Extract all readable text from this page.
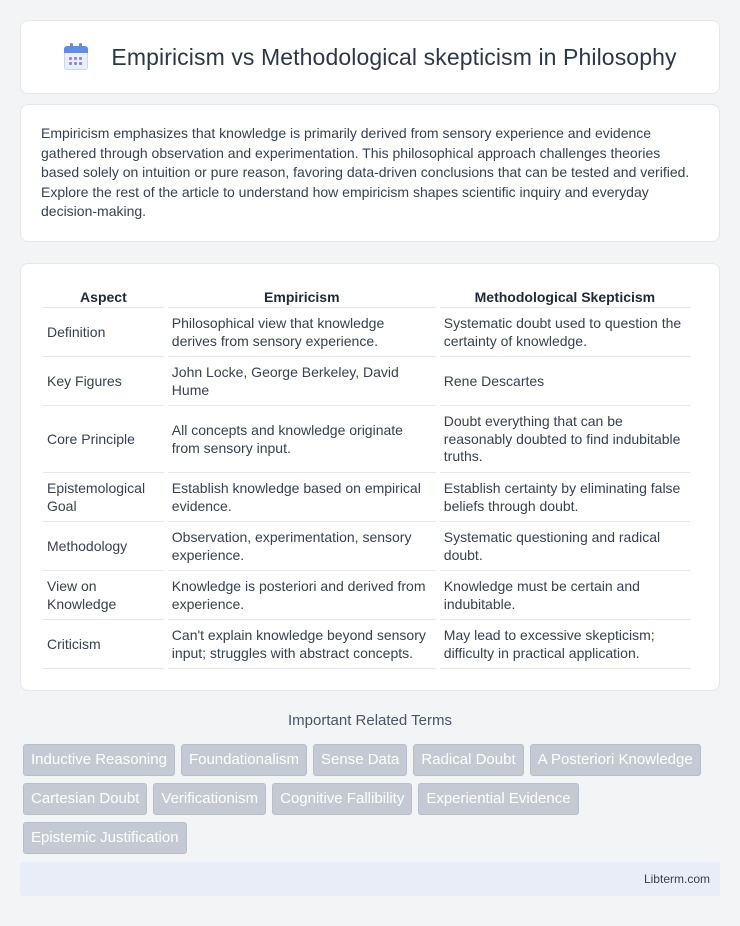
Empiricism vs Methodological skepticism in Philosophy

Empiricism emphasizes that knowledge is primarily derived from sensory experience and evidence gathered through observation and experimentation. This philosophical approach challenges theories based solely on intuition or pure reason, favoring data-driven conclusions that can be tested and verified. Explore the rest of the article to understand how empiricism shapes scientific inquiry and everyday decision-making.

Aspect	Empiricism	Methodological Skepticism
Definition	Philosophical view that knowledge derives from sensory experience.	Systematic doubt used to question the certainty of knowledge.
Key Figures	John Locke, George Berkeley, David Hume	Rene Descartes
Core Principle	All concepts and knowledge originate from sensory input.	Doubt everything that can be reasonably doubted to find indubitable truths.
Epistemological Goal	Establish knowledge based on empirical evidence.	Establish certainty by eliminating false beliefs through doubt.
Methodology	Observation, experimentation, sensory experience.	Systematic questioning and radical doubt.
View on Knowledge	Knowledge is posteriori and derived from experience.	Knowledge must be certain and indubitable.
Criticism	Can't explain knowledge beyond sensory input; struggles with abstract concepts.	May lead to excessive skepticism; difficulty in practical application.
Important Related Terms
Inductive Reasoning	Foundationalism	Sense Data	Radical Doubt	A Posteriori Knowledge
Cartesian Doubt	Verificationism	Cognitive Fallibility	Experiential Evidence
Epistemic Justification
Libterm.com
